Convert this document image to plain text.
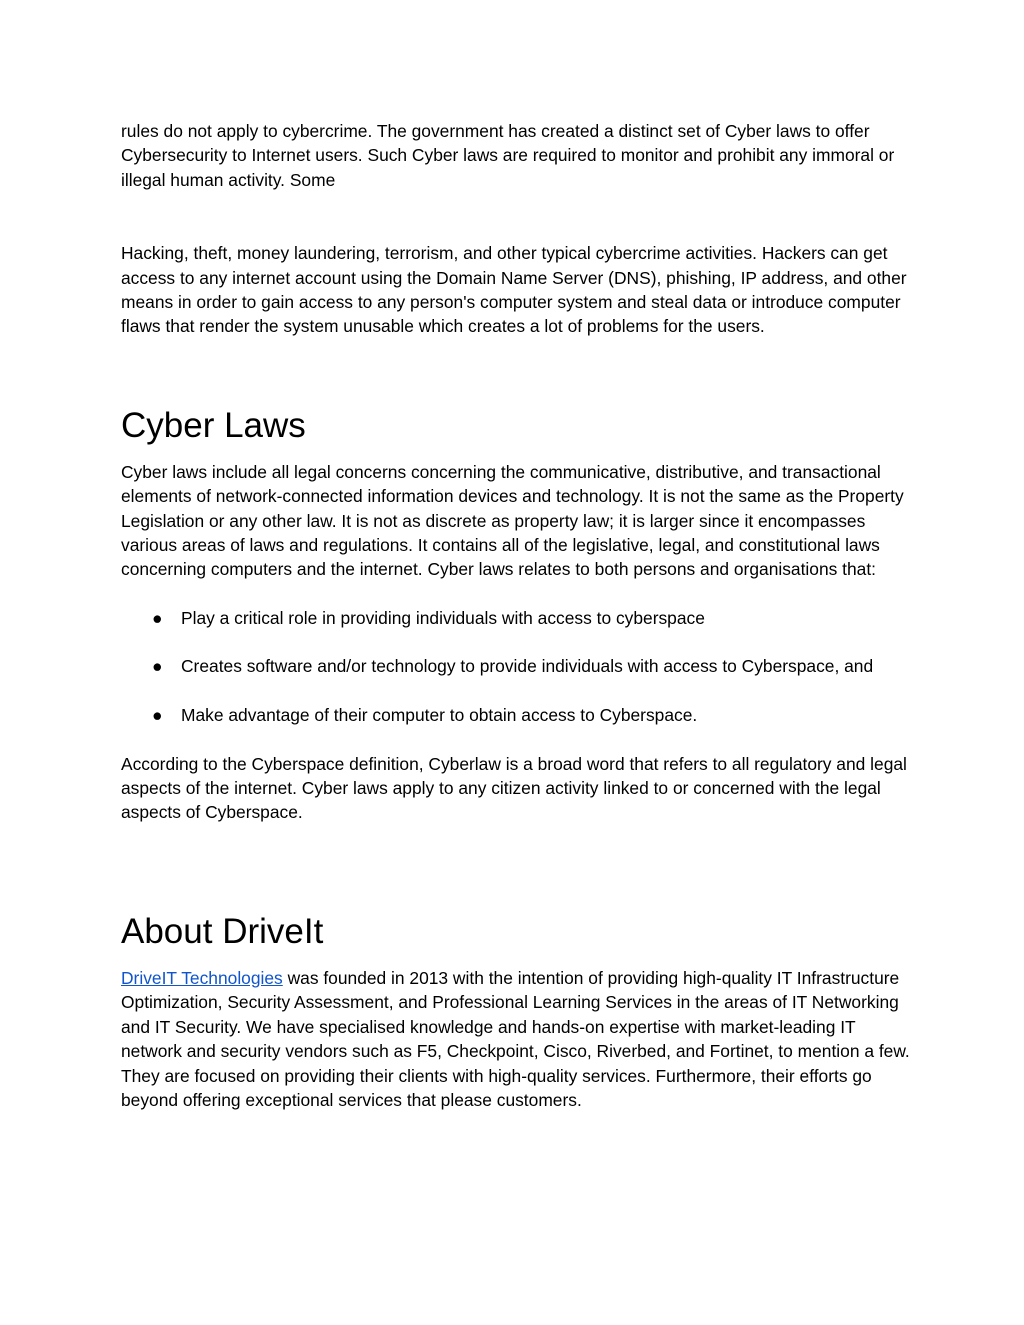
rules do not apply to cybercrime. The government has created a distinct set of Cyber laws to offer Cybersecurity to Internet users. Such Cyber laws are required to monitor and prohibit any immoral or illegal human activity. Some

Hacking, theft, money laundering, terrorism, and other typical cybercrime activities. Hackers can get access to any internet account using the Domain Name Server (DNS), phishing, IP address, and other means in order to gain access to any person's computer system and steal data or introduce computer flaws that render the system unusable which creates a lot of problems for the users.

Cyber Laws

Cyber laws include all legal concerns concerning the communicative, distributive, and transactional elements of network-connected information devices and technology. It is not the same as the Property Legislation or any other law. It is not as discrete as property law; it is larger since it encompasses various areas of laws and regulations. It contains all of the legislative, legal, and constitutional laws concerning computers and the internet. Cyber laws relates to both persons and organisations that:

● Play a critical role in providing individuals with access to cyberspace
● Creates software and/or technology to provide individuals with access to Cyberspace, and
● Make advantage of their computer to obtain access to Cyberspace.

According to the Cyberspace definition, Cyberlaw is a broad word that refers to all regulatory and legal aspects of the internet. Cyber laws apply to any citizen activity linked to or concerned with the legal aspects of Cyberspace.

About DriveIt

DriveIT Technologies was founded in 2013 with the intention of providing high-quality IT Infrastructure Optimization, Security Assessment, and Professional Learning Services in the areas of IT Networking and IT Security. We have specialised knowledge and hands-on expertise with market-leading IT network and security vendors such as F5, Checkpoint, Cisco, Riverbed, and Fortinet, to mention a few. They are focused on providing their clients with high-quality services. Furthermore, their efforts go beyond offering exceptional services that please customers.
